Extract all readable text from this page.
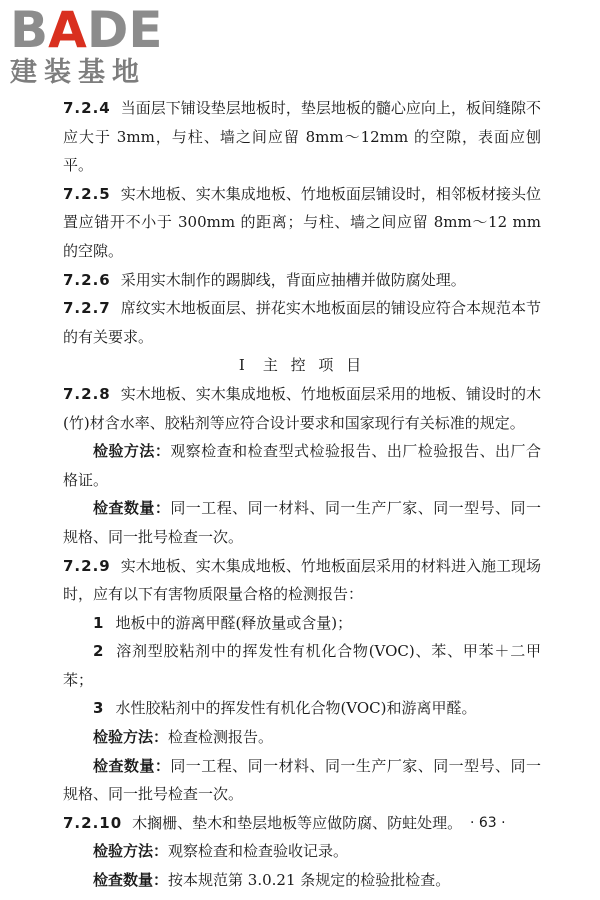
BADE
建装基地

7.2.4 当面层下铺设垫层地板时，垫层地板的髓心应向上，板间缝隙不应大于 3mm，与柱、墙之间应留 8mm～12mm 的空隙，表面应刨平。

7.2.5 实木地板、实木集成地板、竹地板面层铺设时，相邻板材接头位置应错开不小于 300mm 的距离；与柱、墙之间应留 8mm～12 mm 的空隙。

7.2.6 采用实木制作的踢脚线，背面应抽槽并做防腐处理。

7.2.7 席纹实木地板面层、拼花实木地板面层的铺设应符合本规范本节的有关要求。

Ⅰ 主 控 项 目

7.2.8 实木地板、实木集成地板、竹地板面层采用的地板、铺设时的木(竹)材含水率、胶粘剂等应符合设计要求和国家现行有关标准的规定。

检验方法：观察检查和检查型式检验报告、出厂检验报告、出厂合格证。

检查数量：同一工程、同一材料、同一生产厂家、同一型号、同一规格、同一批号检查一次。

7.2.9 实木地板、实木集成地板、竹地板面层采用的材料进入施工现场时，应有以下有害物质限量合格的检测报告：

1 地板中的游离甲醛(释放量或含量)；

2 溶剂型胶粘剂中的挥发性有机化合物(VOC)、苯、甲苯＋二甲苯；

3 水性胶粘剂中的挥发性有机化合物(VOC)和游离甲醛。

检验方法：检查检测报告。

检查数量：同一工程、同一材料、同一生产厂家、同一型号、同一规格、同一批号检查一次。

7.2.10 木搁栅、垫木和垫层地板等应做防腐、防蛀处理。

检验方法：观察检查和检查验收记录。

检查数量：按本规范第 3.0.21 条规定的检验批检查。

· 63 ·
